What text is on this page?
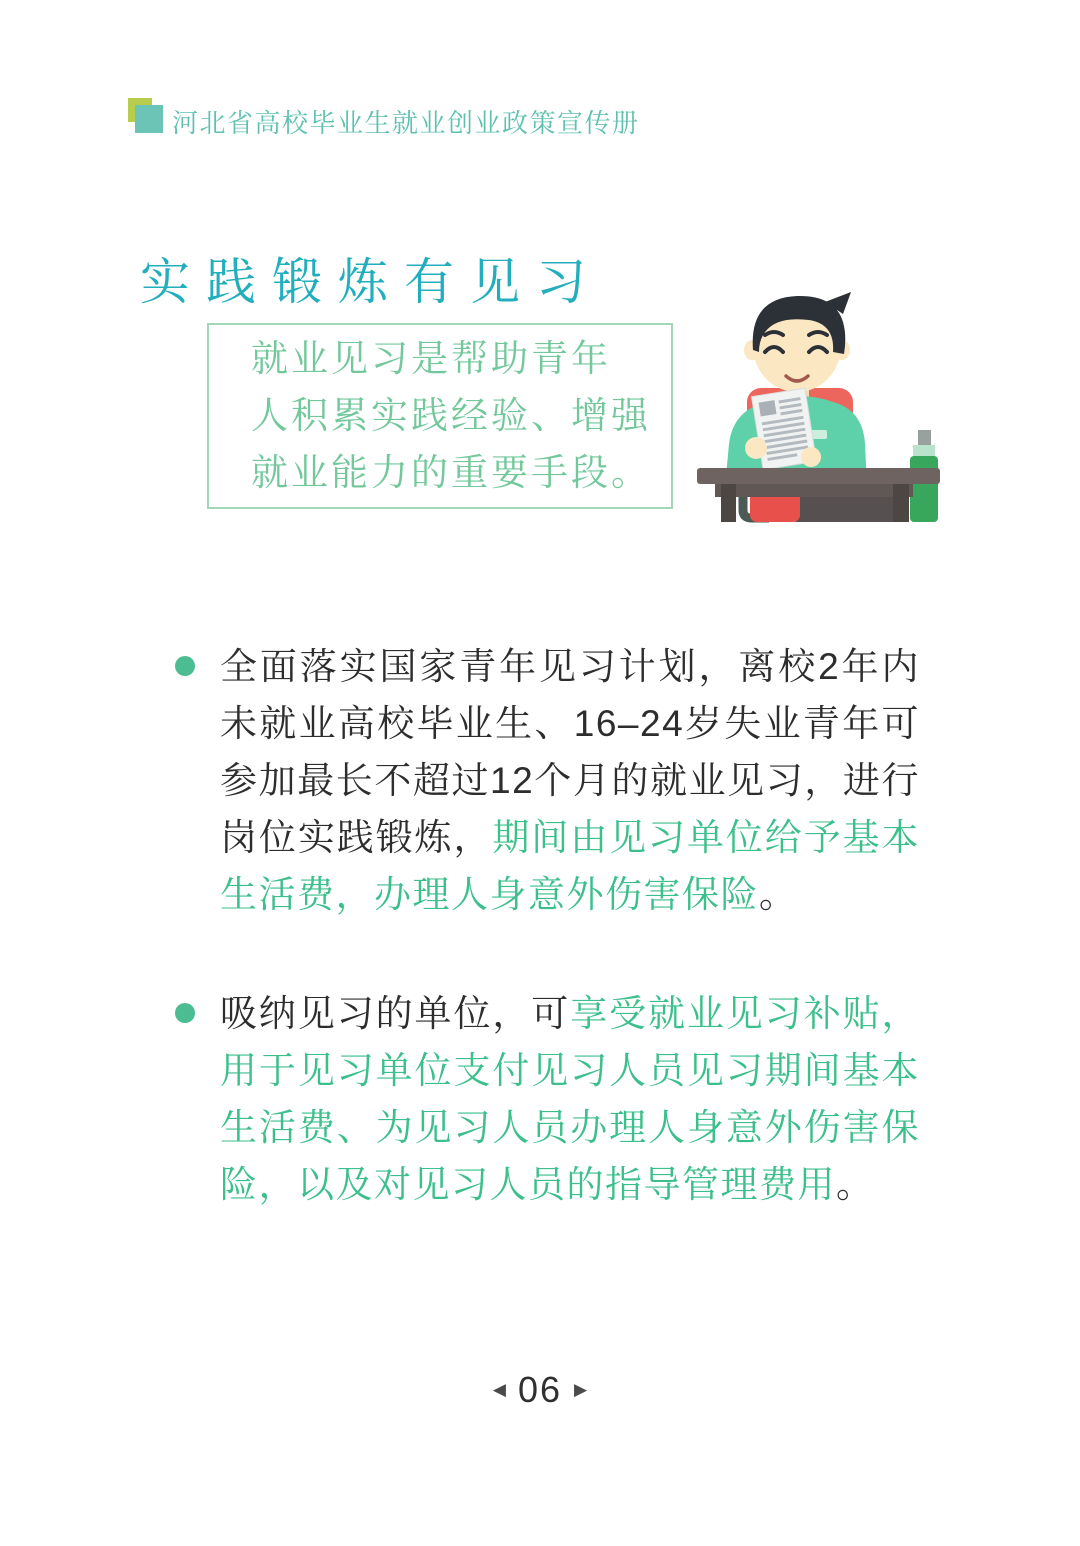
河北省高校毕业生就业创业政策宣传册
实践锻炼有见习
就业见习是帮助青年
人积累实践经验、增强
就业能力的重要手段。

全面落实国家青年见习计划，离校2年内未就业高校毕业生、16–24岁失业青年可参加最长不超过12个月的就业见习，进行岗位实践锻炼，期间由见习单位给予基本生活费，办理人身意外伤害保险。

吸纳见习的单位，可享受就业见习补贴，用于见习单位支付见习人员见习期间基本生活费、为见习人员办理人身意外伤害保险，以及对见习人员的指导管理费用。

◀ 06 ▶
